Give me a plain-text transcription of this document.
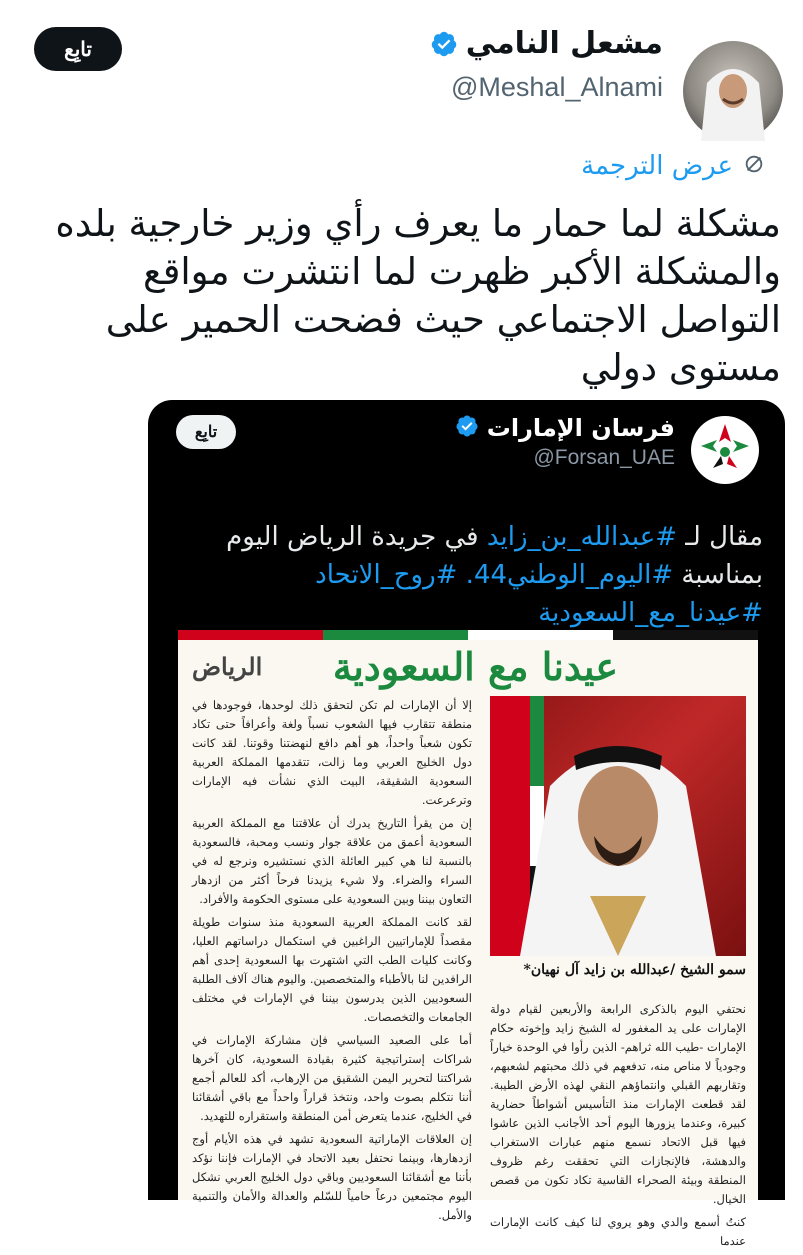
مشعل النامي
@Meshal_Alnami
تابِع
عرض الترجمة
مشكلة لما حمار ما يعرف رأي وزير خارجية بلده والمشكلة الأكبر ظهرت لما انتشرت مواقع التواصل الاجتماعي حيث فضحت الحمير على مستوى دولي
فرسان الإمارات
@Forsan_UAE
تابِع
مقال لـ #عبدالله_بن_زايد في جريدة الرياض اليوم بمناسبة #اليوم_الوطني44. #روح_الاتحاد #عيدنا_مع_السعودية
عيدنا مع السعودية
الرياض

إلا أن الإمارات لم تكن لتحقق ذلك لوحدها، فوجودها في منطقة تتقارب فيها الشعوب نسباً ولغة وأعرافاً حتى تكاد تكون شعباً واحداً، هو أهم دافع لنهضتنا وقوتنا. لقد كانت دول الخليج العربي وما زالت، تتقدمها المملكة العربية السعودية الشقيقة، البيت الذي نشأت فيه الإمارات وترعرعت.

إن من يقرأ التاريخ يدرك أن علاقتنا مع المملكة العربية السعودية أعمق من علاقة جوار ونسب ومحبة، فالسعودية بالنسبة لنا هي كبير العائلة الذي نستشيره ونرجع له في السراء والضراء. ولا شيء يزيدنا فرحاً أكثر من ازدهار التعاون بيننا وبين السعودية على مستوى الحكومة والأفراد.

لقد كانت المملكة العربية السعودية منذ سنوات طويلة مقصداً للإماراتيين الراغبين في استكمال دراساتهم العليا، وكانت كليات الطب التي اشتهرت بها السعودية إحدى أهم الرافدين لنا بالأطباء والمتخصصين. واليوم هناك آلاف الطلبة السعوديين الذين يدرسون بيننا في الإمارات في مختلف الجامعات والتخصصات.

أما على الصعيد السياسي فإن مشاركة الإمارات في شراكات إستراتيجية كثيرة بقيادة السعودية، كان آخرها شراكتنا لتحرير اليمن الشقيق من الإرهاب، أكد للعالم أجمع أننا نتكلم بصوت واحد، ونتخذ قراراً واحداً مع باقي أشقائنا في الخليج، عندما يتعرض أمن المنطقة واستقراره للتهديد.

إن العلاقات الإماراتية السعودية تشهد في هذه الأيام أوج ازدهارها، وبينما نحتفل بعيد الاتحاد في الإمارات فإننا نؤكد بأننا مع أشقائنا السعوديين وباقي دول الخليج العربي نشكل اليوم مجتمعين درعاً حامياً للسّلم والعدالة والأمان والتنمية والأمل.

سمو الشيخ /عبدالله بن زايد آل نهيان*

نحتفي اليوم بالذكرى الرابعة والأربعين لقيام دولة الإمارات على يد المغفور له الشيخ زايد وإخوته حكام الإمارات -طيب الله ثراهم- الذين رأوا في الوحدة خياراً وجودياً لا مناص منه، تدفعهم في ذلك محبتهم لشعبهم، وتقاربهم القبلي وانتماؤهم النقي لهذه الأرض الطيبة. لقد قطعت الإمارات منذ التأسيس أشواطاً حضارية كبيرة، وعندما يزورها اليوم أحد الأجانب الذين عاشوا فيها قبل الاتحاد نسمع منهم عبارات الاستغراب والدهشة، فالإنجازات التي تحققت رغم ظروف المنطقة وبيئة الصحراء القاسية تكاد تكون من قصص الخيال.

كنتُ أسمع والدي وهو يروي لنا كيف كانت الإمارات عندما
